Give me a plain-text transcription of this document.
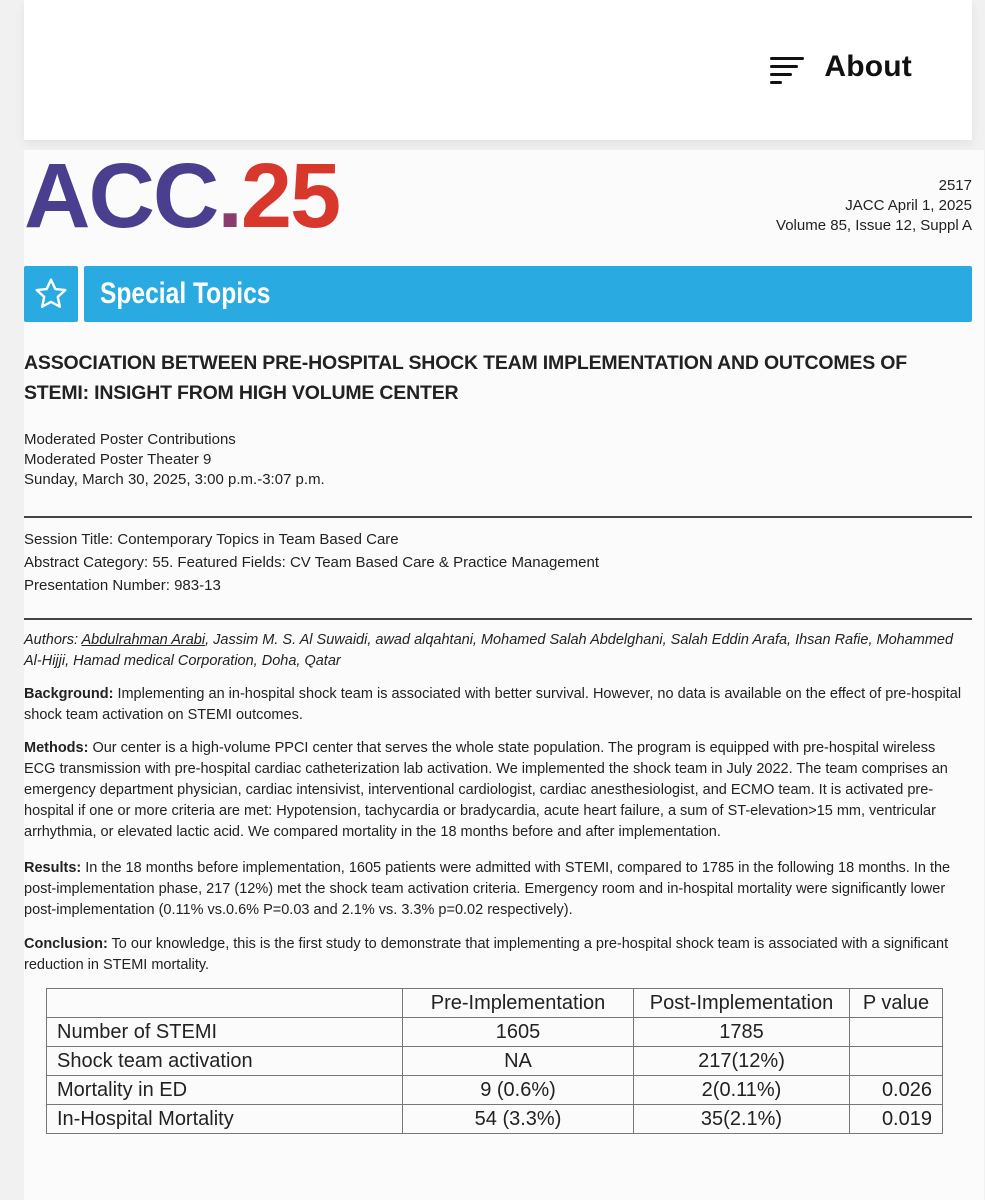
About
ACC.25	2517
JACC April 1, 2025
Volume 85, Issue 12, Suppl A
Special Topics
ASSOCIATION BETWEEN PRE-HOSPITAL SHOCK TEAM IMPLEMENTATION AND OUTCOMES OF STEMI: INSIGHT FROM HIGH VOLUME CENTER
Moderated Poster Contributions
Moderated Poster Theater 9
Sunday, March 30, 2025, 3:00 p.m.-3:07 p.m.
Session Title: Contemporary Topics in Team Based Care
Abstract Category: 55. Featured Fields: CV Team Based Care & Practice Management
Presentation Number: 983-13
Authors: Abdulrahman Arabi, Jassim M. S. Al Suwaidi, awad alqahtani, Mohamed Salah Abdelghani, Salah Eddin Arafa, Ihsan Rafie, Mohammed Al-Hijji, Hamad medical Corporation, Doha, Qatar
Background: Implementing an in-hospital shock team is associated with better survival. However, no data is available on the effect of pre-hospital shock team activation on STEMI outcomes.
Methods: Our center is a high-volume PPCI center that serves the whole state population. The program is equipped with pre-hospital wireless ECG transmission with pre-hospital cardiac catheterization lab activation. We implemented the shock team in July 2022. The team comprises an emergency department physician, cardiac intensivist, interventional cardiologist, cardiac anesthesiologist, and ECMO team. It is activated pre-hospital if one or more criteria are met: Hypotension, tachycardia or bradycardia, acute heart failure, a sum of ST-elevation>15 mm, ventricular arrhythmia, or elevated lactic acid. We compared mortality in the 18 months before and after implementation.
Results: In the 18 months before implementation, 1605 patients were admitted with STEMI, compared to 1785 in the following 18 months. In the post-implementation phase, 217 (12%) met the shock team activation criteria. Emergency room and in-hospital mortality were significantly lower post-implementation (0.11% vs.0.6% P=0.03 and 2.1% vs. 3.3% p=0.02 respectively).
Conclusion: To our knowledge, this is the first study to demonstrate that implementing a pre-hospital shock team is associated with a significant reduction in STEMI mortality.
	Pre-Implementation	Post-Implementation	P value
Number of STEMI	1605	1785	
Shock team activation	NA	217(12%)	
Mortality in ED	9 (0.6%)	2(0.11%)	0.026
In-Hospital Mortality	54 (3.3%)	35(2.1%)	0.019
